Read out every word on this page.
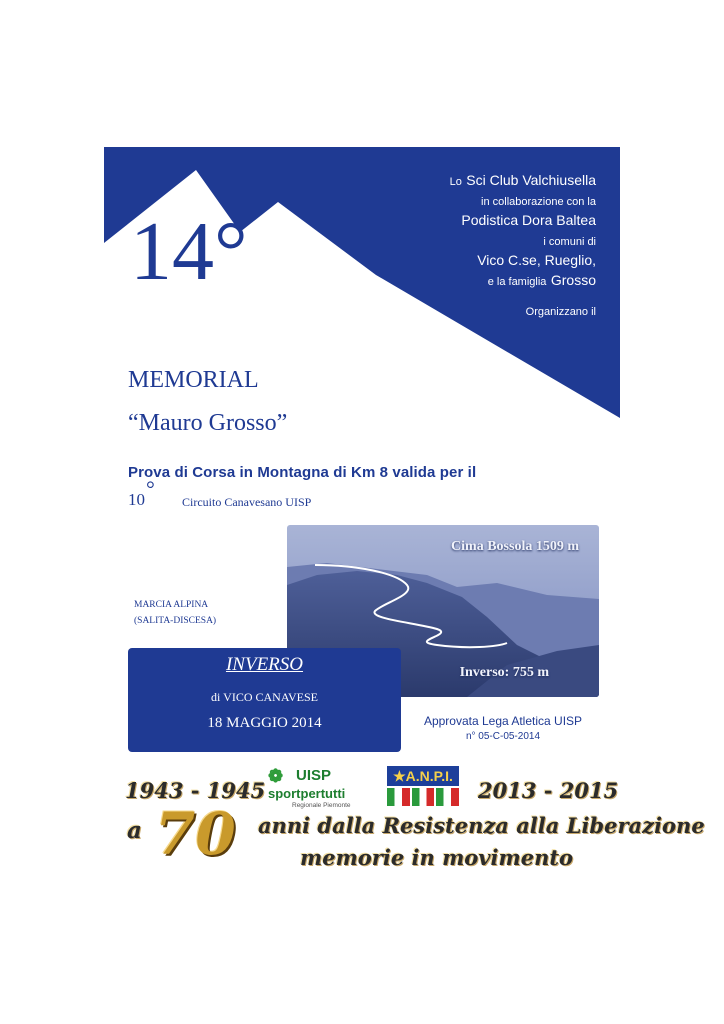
14°
Lo Sci Club Valchiusella
in collaborazione con la
Podistica Dora Baltea
i comuni di
Vico C.se, Rueglio,
e la famiglia Grosso
Organizzano il
MEMORIAL
“Mauro Grosso”
Prova di Corsa in Montagna di Km 8 valida per il
10 °
Circuito Canavesano UISP
Cima Bossola 1509 m
Inverso: 755 m
MARCIA ALPINA
(SALITA-DISCESA)
INVERSO
di VICO CANAVESE
18 MAGGIO 2014	Approvata Lega Atletica UISP
n° 05-C-05-2014
❁ UISP
sportpertutti
Regionale Piemonte
★A.N.P.I.
1943 - 1945	2013 - 2015
a 70 anni dalla Resistenza alla Liberazione
memorie in movimento
